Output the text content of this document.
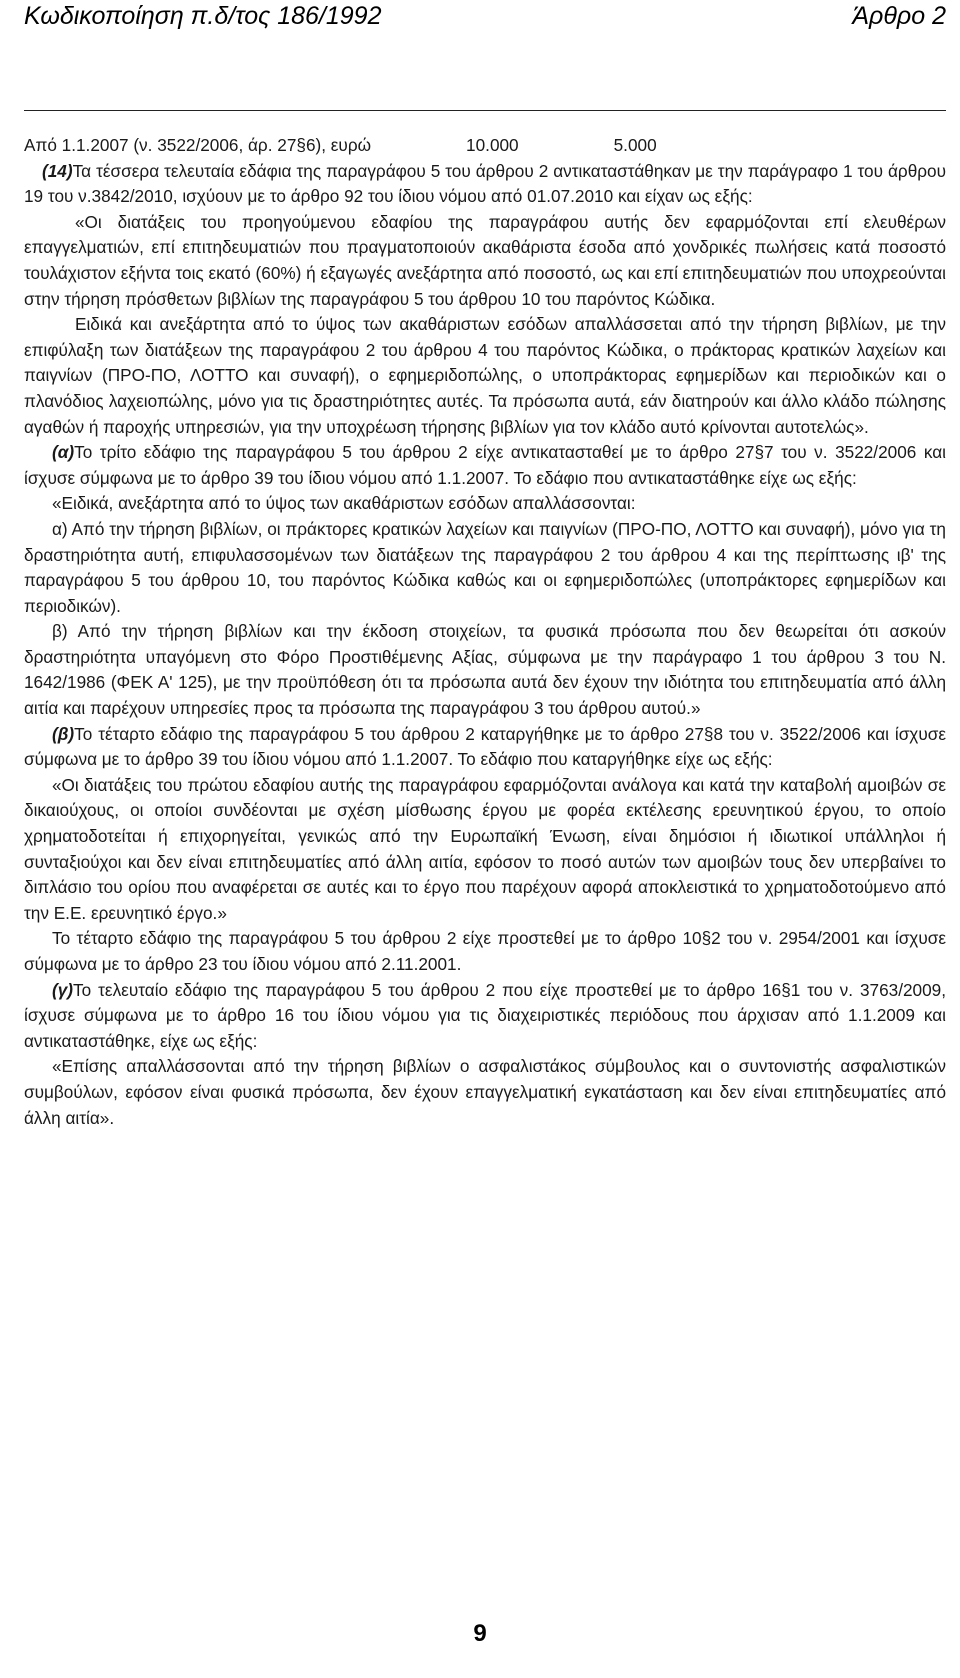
Κωδικοποίηση π.δ/τος 186/1992	Άρθρο 2

Από 1.1.2007 (ν. 3522/2006, άρ. 27§6), ευρώ	10.000	5.000

(14)Τα τέσσερα τελευταία εδάφια της παραγράφου 5 του άρθρου 2 αντικαταστάθηκαν με την παράγραφο 1 του άρθρου 19 του ν.3842/2010, ισχύουν με το άρθρο 92 του ίδιου νόμου από 01.07.2010 και είχαν ως εξής:

«Οι διατάξεις του προηγούμενου εδαφίου της παραγράφου αυτής δεν εφαρμόζονται επί ελευθέρων επαγγελματιών, επί επιτηδευματιών που πραγματοποιούν ακαθάριστα έσοδα από χονδρικές πωλήσεις κατά ποσοστό τουλάχιστον εξήντα τοις εκατό (60%) ή εξαγωγές ανεξάρτητα από ποσοστό, ως και επί επιτηδευματιών που υποχρεούνται στην τήρηση πρόσθετων βιβλίων της παραγράφου 5 του άρθρου 10 του παρόντος Κώδικα.

Ειδικά και ανεξάρτητα από το ύψος των ακαθάριστων εσόδων απαλλάσσεται από την τήρηση βιβλίων, με την επιφύλαξη των διατάξεων της παραγράφου 2 του άρθρου 4 του παρόντος Κώδικα, ο πράκτορας κρατικών λαχείων και παιγνίων (ΠΡΟ-ΠΟ, ΛΟΤΤΟ και συναφή), ο εφημεριδοπώλης, ο υποπράκτορας εφημερίδων και περιοδικών και ο πλανόδιος λαχειοπώλης, μόνο για τις δραστηριότητες αυτές. Τα πρόσωπα αυτά, εάν διατηρούν και άλλο κλάδο πώλησης αγαθών ή παροχής υπηρεσιών, για την υποχρέωση τήρησης βιβλίων για τον κλάδο αυτό κρίνονται αυτοτελώς».

(α)Το τρίτο εδάφιο της παραγράφου 5 του άρθρου 2 είχε αντικατασταθεί με το άρθρο 27§7 του ν. 3522/2006 και ίσχυσε σύμφωνα με το άρθρο 39 του ίδιου νόμου από 1.1.2007. Το εδάφιο που αντικαταστάθηκε είχε ως εξής:

«Ειδικά, ανεξάρτητα από το ύψος των ακαθάριστων εσόδων απαλλάσσονται:

α) Από την τήρηση βιβλίων, οι πράκτορες κρατικών λαχείων και παιγνίων (ΠΡΟ-ΠΟ, ΛΟΤΤΟ και συναφή), μόνο για τη δραστηριότητα αυτή, επιφυλασσομένων των διατάξεων της παραγράφου 2 του άρθρου 4 και της περίπτωσης ιβ' της παραγράφου 5 του άρθρου 10, του παρόντος Κώδικα καθώς και οι εφημεριδοπώλες (υποπράκτορες εφημερίδων και περιοδικών).

β) Από την τήρηση βιβλίων και την έκδοση στοιχείων, τα φυσικά πρόσωπα που δεν θεωρείται ότι ασκούν δραστηριότητα υπαγόμενη στο Φόρο Προστιθέμενης Αξίας, σύμφωνα με την παράγραφο 1 του άρθρου 3 του Ν. 1642/1986 (ΦΕΚ Α' 125), με την προϋπόθεση ότι τα πρόσωπα αυτά δεν έχουν την ιδιότητα του επιτηδευματία από άλλη αιτία και παρέχουν υπηρεσίες προς τα πρόσωπα της παραγράφου 3 του άρθρου αυτού.»

(β)Το τέταρτο εδάφιο της παραγράφου 5 του άρθρου 2 καταργήθηκε με το άρθρο 27§8 του ν. 3522/2006 και ίσχυσε σύμφωνα με το άρθρο 39 του ίδιου νόμου από 1.1.2007. Το εδάφιο που καταργήθηκε είχε ως εξής:

«Οι διατάξεις του πρώτου εδαφίου αυτής της παραγράφου εφαρμόζονται ανάλογα και κατά την καταβολή αμοιβών σε δικαιούχους, οι οποίοι συνδέονται με σχέση μίσθωσης έργου με φορέα εκτέλεσης ερευνητικού έργου, το οποίο χρηματοδοτείται ή επιχορηγείται, γενικώς από την Ευρωπαϊκή Ένωση, είναι δημόσιοι ή ιδιωτικοί υπάλληλοι ή συνταξιούχοι και δεν είναι επιτηδευματίες από άλλη αιτία, εφόσον το ποσό αυτών των αμοιβών τους δεν υπερβαίνει το διπλάσιο του ορίου που αναφέρεται σε αυτές και το έργο που παρέχουν αφορά αποκλειστικά το χρηματοδοτούμενο από την Ε.Ε. ερευνητικό έργο.»

Το τέταρτο εδάφιο της παραγράφου 5 του άρθρου 2 είχε προστεθεί με το άρθρο 10§2 του ν. 2954/2001 και ίσχυσε σύμφωνα με το άρθρο 23 του ίδιου νόμου από 2.11.2001.

(γ)Το τελευταίο εδάφιο της παραγράφου 5 του άρθρου 2 που είχε προστεθεί με το άρθρο 16§1 του ν. 3763/2009, ίσχυσε σύμφωνα με το άρθρο 16 του ίδιου νόμου για τις διαχειριστικές περιόδους που άρχισαν από 1.1.2009 και αντικαταστάθηκε, είχε ως εξής:

«Επίσης απαλλάσσονται από την τήρηση βιβλίων ο ασφαλιστάκος σύμβουλος και ο συντονιστής ασφαλιστικών συμβούλων, εφόσον είναι φυσικά πρόσωπα, δεν έχουν επαγγελματική εγκατάσταση και δεν είναι επιτηδευματίες από άλλη αιτία».

9
